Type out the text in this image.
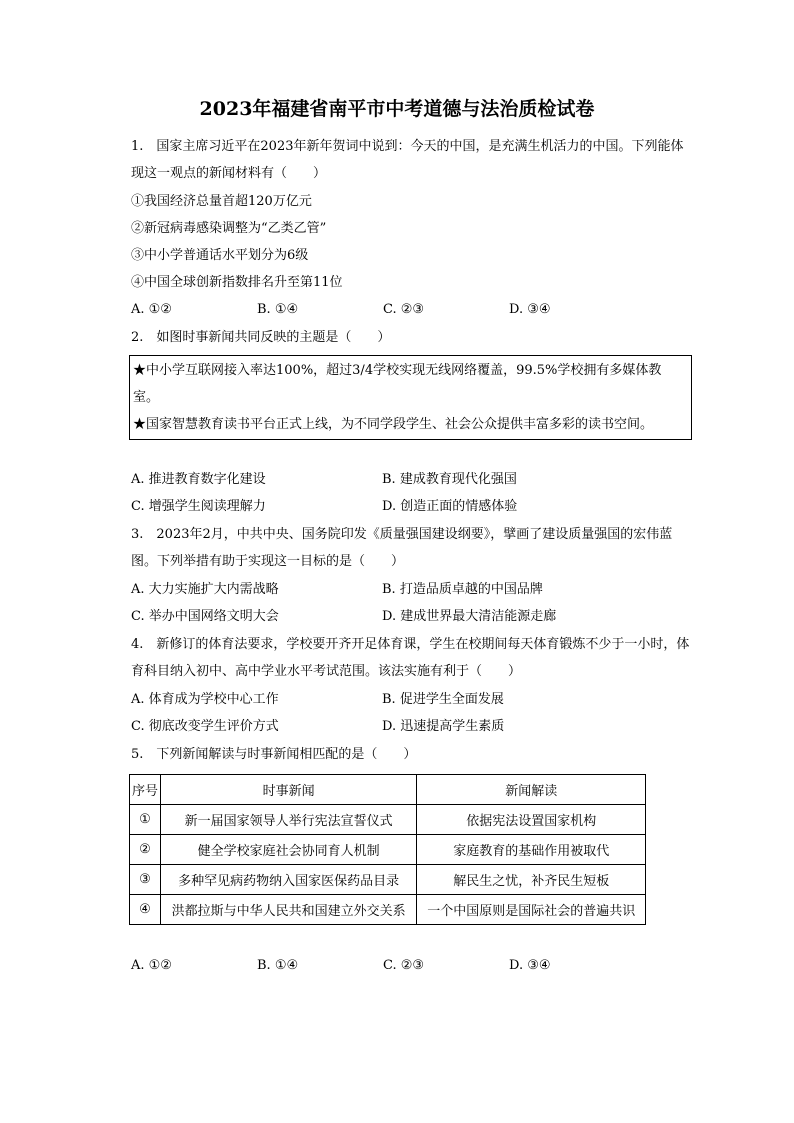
2023年福建省南平市中考道德与法治质检试卷
1.　国家主席习近平在2023年新年贺词中说到：今天的中国，是充满生机活力的中国。下列能体现这一观点的新闻材料有（　　）
①我国经济总量首超120万亿元
②新冠病毒感染调整为“乙类乙管”
③中小学普通话水平划分为6级
④中国全球创新指数排名升至第11位
A. ①②	B. ①④	C. ②③	D. ③④
2.　如图时事新闻共同反映的主题是（　　）
★中小学互联网接入率达100%，超过3/4学校实现无线网络覆盖，99.5%学校拥有多媒体教室。
★国家智慧教育读书平台正式上线，为不同学段学生、社会公众提供丰富多彩的读书空间。
A. 推进教育数字化建设	B. 建成教育现代化强国
C. 增强学生阅读理解力	D. 创造正面的情感体验
3.　2023年2月，中共中央、国务院印发《质量强国建设纲要》，擘画了建设质量强国的宏伟蓝图。下列举措有助于实现这一目标的是（　　）
A. 大力实施扩大内需战略	B. 打造品质卓越的中国品牌
C. 举办中国网络文明大会	D. 建成世界最大清洁能源走廊
4.　新修订的体育法要求，学校要开齐开足体育课，学生在校期间每天体育锻炼不少于一小时，体育科目纳入初中、高中学业水平考试范围。该法实施有利于（　　）
A. 体育成为学校中心工作	B. 促进学生全面发展
C. 彻底改变学生评价方式	D. 迅速提高学生素质
5.　下列新闻解读与时事新闻相匹配的是（　　）
序号	时事新闻	新闻解读
①	新一届国家领导人举行宪法宣誓仪式	依据宪法设置国家机构
②	健全学校家庭社会协同育人机制	家庭教育的基础作用被取代
③	多种罕见病药物纳入国家医保药品目录	解民生之忧，补齐民生短板
④	洪都拉斯与中华人民共和国建立外交关系	一个中国原则是国际社会的普遍共识
A. ①②	B. ①④	C. ②③	D. ③④
